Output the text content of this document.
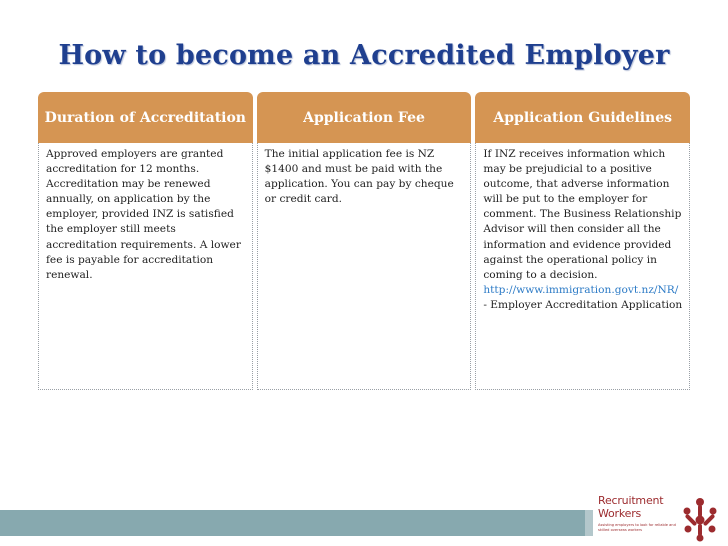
How to become an Accredited Employer
Duration of Accreditation
Approved employers are granted accreditation for 12 months. Accreditation may be renewed annually, on application by the employer, provided INZ is satisfied the employer still meets accreditation requirements. A lower fee is payable for accreditation renewal.
Application Fee
The initial application fee is NZ $1400 and must be paid with the application. You can pay by cheque or credit card.
Application Guidelines
If INZ receives information which may be prejudicial to a positive outcome, that adverse information will be put to the employer for comment. The Business Relationship Advisor will then consider all the information and evidence provided against the operational policy in coming to a decision.
http://www.immigration.govt.nz/NR/
- Employer Accreditation Application
Recruitment
Workers
Assisting employers to look for reliable and skilled overseas workers
